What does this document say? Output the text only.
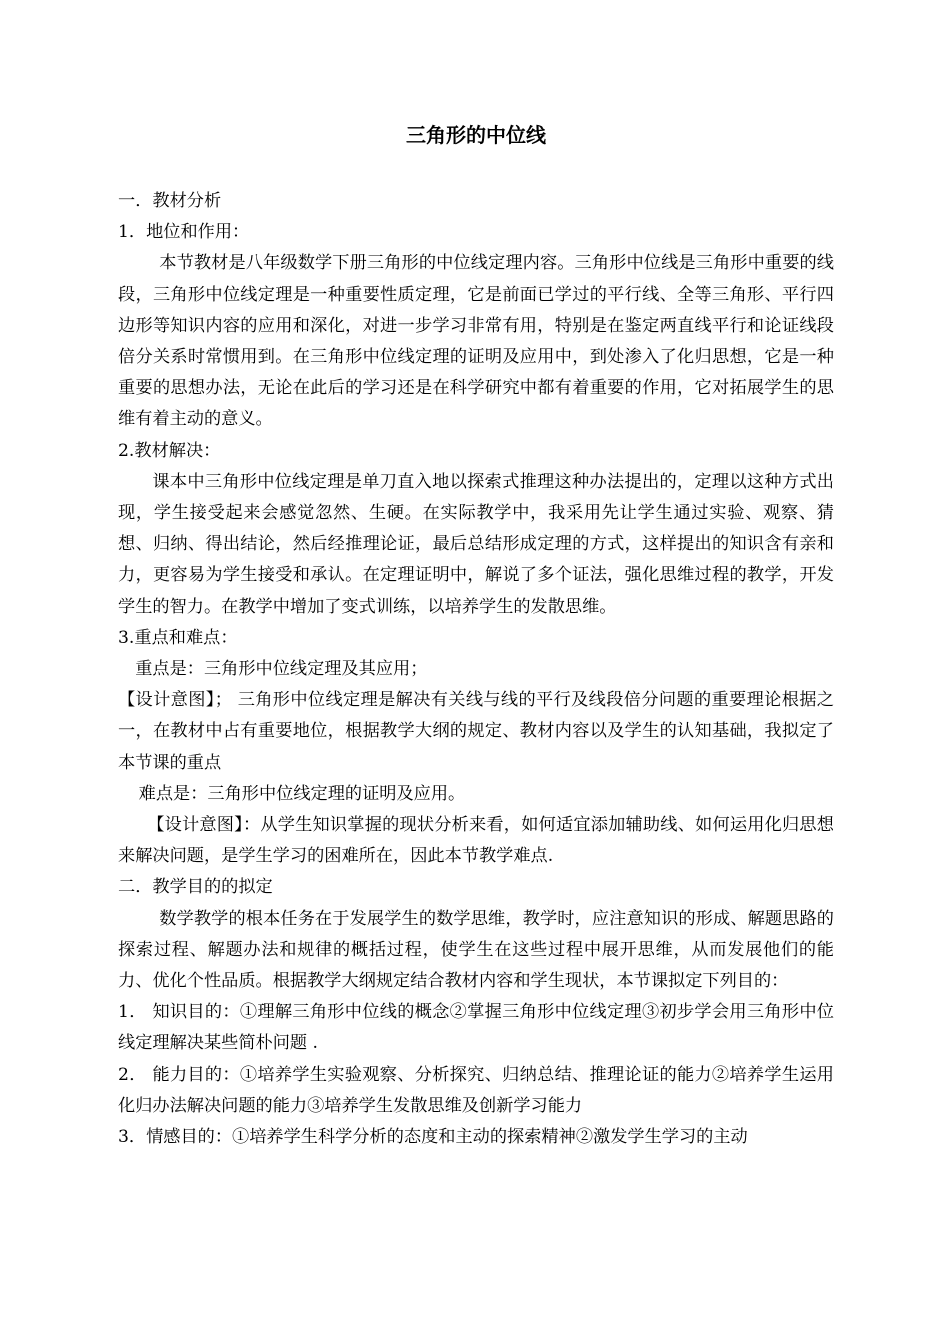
三角形的中位线

一．教材分析

1．地位和作用：

本节教材是八年级数学下册三角形的中位线定理内容。三角形中位线是三角形中重要的线段，三角形中位线定理是一种重要性质定理，它是前面已学过的平行线、全等三角形、平行四边形等知识内容的应用和深化，对进一步学习非常有用，特别是在鉴定两直线平行和论证线段倍分关系时常惯用到。在三角形中位线定理的证明及应用中，到处渗入了化归思想，它是一种重要的思想办法，无论在此后的学习还是在科学研究中都有着重要的作用，它对拓展学生的思维有着主动的意义。

2.教材解决：

课本中三角形中位线定理是单刀直入地以探索式推理这种办法提出的，定理以这种方式出现，学生接受起来会感觉忽然、生硬。在实际教学中，我采用先让学生通过实验、观察、猜想、归纳、得出结论，然后经推理论证，最后总结形成定理的方式，这样提出的知识含有亲和力，更容易为学生接受和承认。在定理证明中，解说了多个证法，强化思维过程的教学，开发学生的智力。在教学中增加了变式训练，以培养学生的发散思维。

3.重点和难点：

重点是：三角形中位线定理及其应用；

【设计意图】； 三角形中位线定理是解决有关线与线的平行及线段倍分问题的重要理论根据之一，在教材中占有重要地位，根据教学大纲的规定、教材内容以及学生的认知基础，我拟定了本节课的重点

难点是：三角形中位线定理的证明及应用。

【设计意图】：从学生知识掌握的现状分析来看，如何适宜添加辅助线、如何运用化归思想来解决问题，是学生学习的困难所在，因此本节教学难点.

二．教学目的的拟定

数学教学的根本任务在于发展学生的数学思维，教学时，应注意知识的形成、解题思路的探索过程、解题办法和规律的概括过程，使学生在这些过程中展开思维，从而发展他们的能力、优化个性品质。根据教学大纲规定结合教材内容和学生现状，本节课拟定下列目的：

1． 知识目的：①理解三角形中位线的概念②掌握三角形中位线定理③初步学会用三角形中位线定理解决某些简朴问题 .

2． 能力目的：①培养学生实验观察、分析探究、归纳总结、推理论证的能力②培养学生运用化归办法解决问题的能力③培养学生发散思维及创新学习能力

3．情感目的：①培养学生科学分析的态度和主动的探索精神②激发学生学习的主动
